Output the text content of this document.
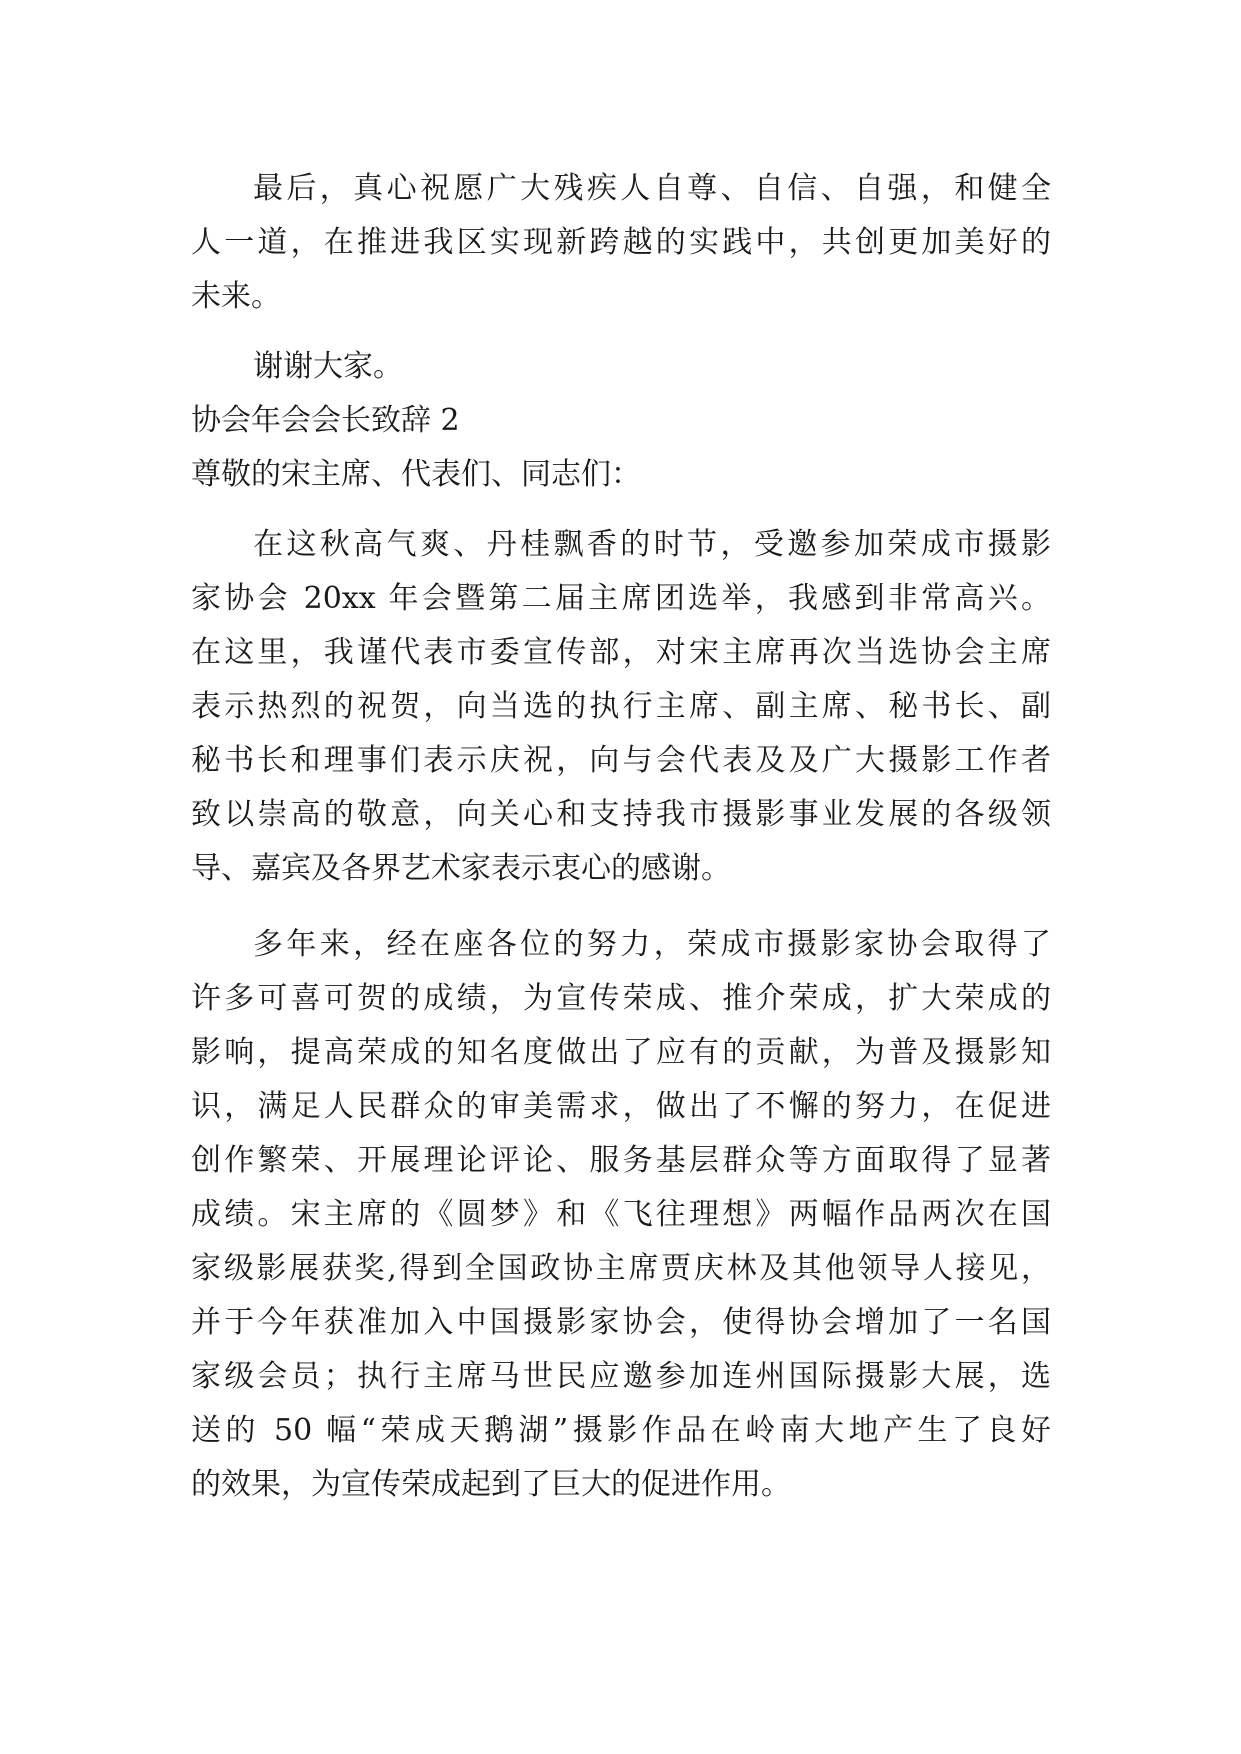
最后，真心祝愿广大残疾人自尊、自信、自强，和健全
人一道，在推进我区实现新跨越的实践中，共创更加美好的
未来。
谢谢大家。
协会年会会长致辞 2
尊敬的宋主席、代表们、同志们：
在这秋高气爽、丹桂飘香的时节，受邀参加荣成市摄影
家协会 20xx 年会暨第二届主席团选举，我感到非常高兴。
在这里，我谨代表市委宣传部，对宋主席再次当选协会主席
表示热烈的祝贺，向当选的执行主席、副主席、秘书长、副
秘书长和理事们表示庆祝，向与会代表及及广大摄影工作者
致以崇高的敬意，向关心和支持我市摄影事业发展的各级领
导、嘉宾及各界艺术家表示衷心的感谢。
多年来，经在座各位的努力，荣成市摄影家协会取得了
许多可喜可贺的成绩，为宣传荣成、推介荣成，扩大荣成的
影响，提高荣成的知名度做出了应有的贡献，为普及摄影知
识，满足人民群众的审美需求，做出了不懈的努力，在促进
创作繁荣、开展理论评论、服务基层群众等方面取得了显著
成绩。宋主席的《圆梦》和《飞往理想》两幅作品两次在国
家级影展获奖,得到全国政协主席贾庆林及其他领导人接见，
并于今年获准加入中国摄影家协会，使得协会增加了一名国
家级会员；执行主席马世民应邀参加连州国际摄影大展，选
送的 50 幅“荣成天鹅湖”摄影作品在岭南大地产生了良好
的效果，为宣传荣成起到了巨大的促进作用。
